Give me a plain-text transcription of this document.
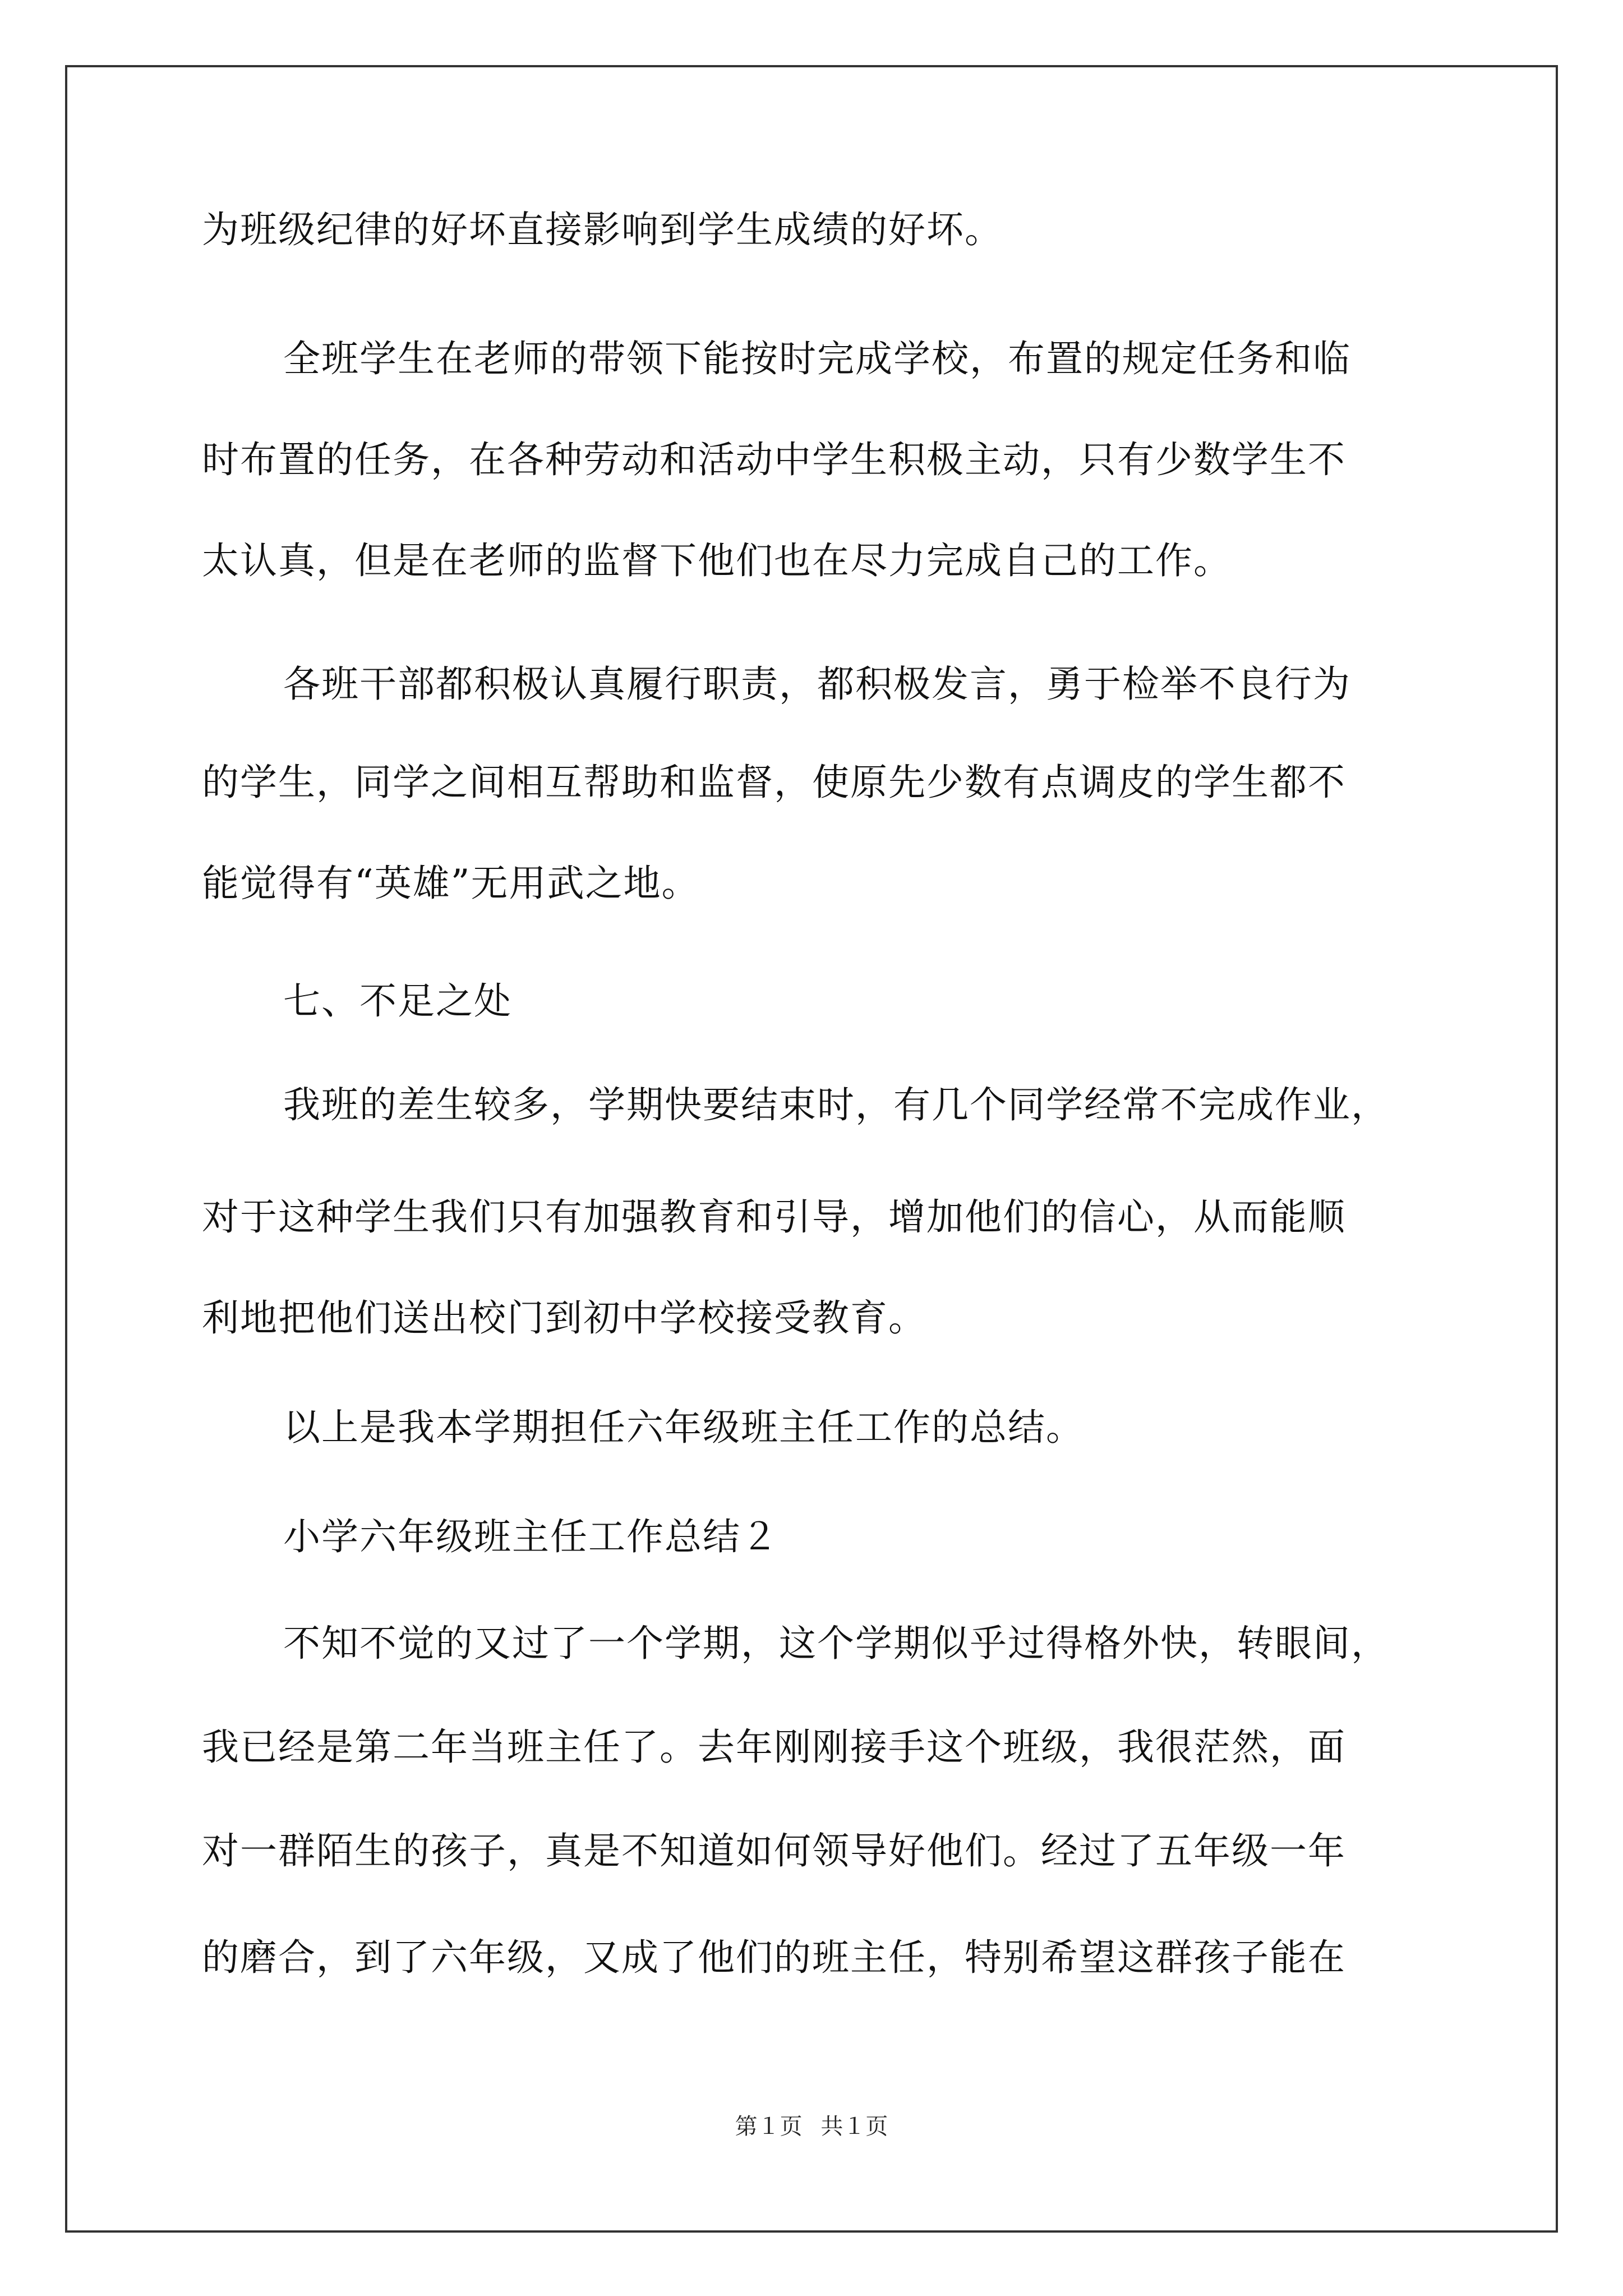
为班级纪律的好坏直接影响到学生成绩的好坏。
全班学生在老师的带领下能按时完成学校，布置的规定任务和临
时布置的任务，在各种劳动和活动中学生积极主动，只有少数学生不
太认真，但是在老师的监督下他们也在尽力完成自己的工作。
各班干部都积极认真履行职责，都积极发言，勇于检举不良行为
的学生，同学之间相互帮助和监督，使原先少数有点调皮的学生都不
能觉得有“英雄”无用武之地。
七、不足之处
我班的差生较多，学期快要结束时，有几个同学经常不完成作业，
对于这种学生我们只有加强教育和引导，增加他们的信心，从而能顺
利地把他们送出校门到初中学校接受教育。
以上是我本学期担任六年级班主任工作的总结。
小学六年级班主任工作总结２
不知不觉的又过了一个学期，这个学期似乎过得格外快，转眼间，
我已经是第二年当班主任了。去年刚刚接手这个班级，我很茫然，面
对一群陌生的孩子，真是不知道如何领导好他们。经过了五年级一年
的磨合，到了六年级，又成了他们的班主任，特别希望这群孩子能在
第１页 共１页
